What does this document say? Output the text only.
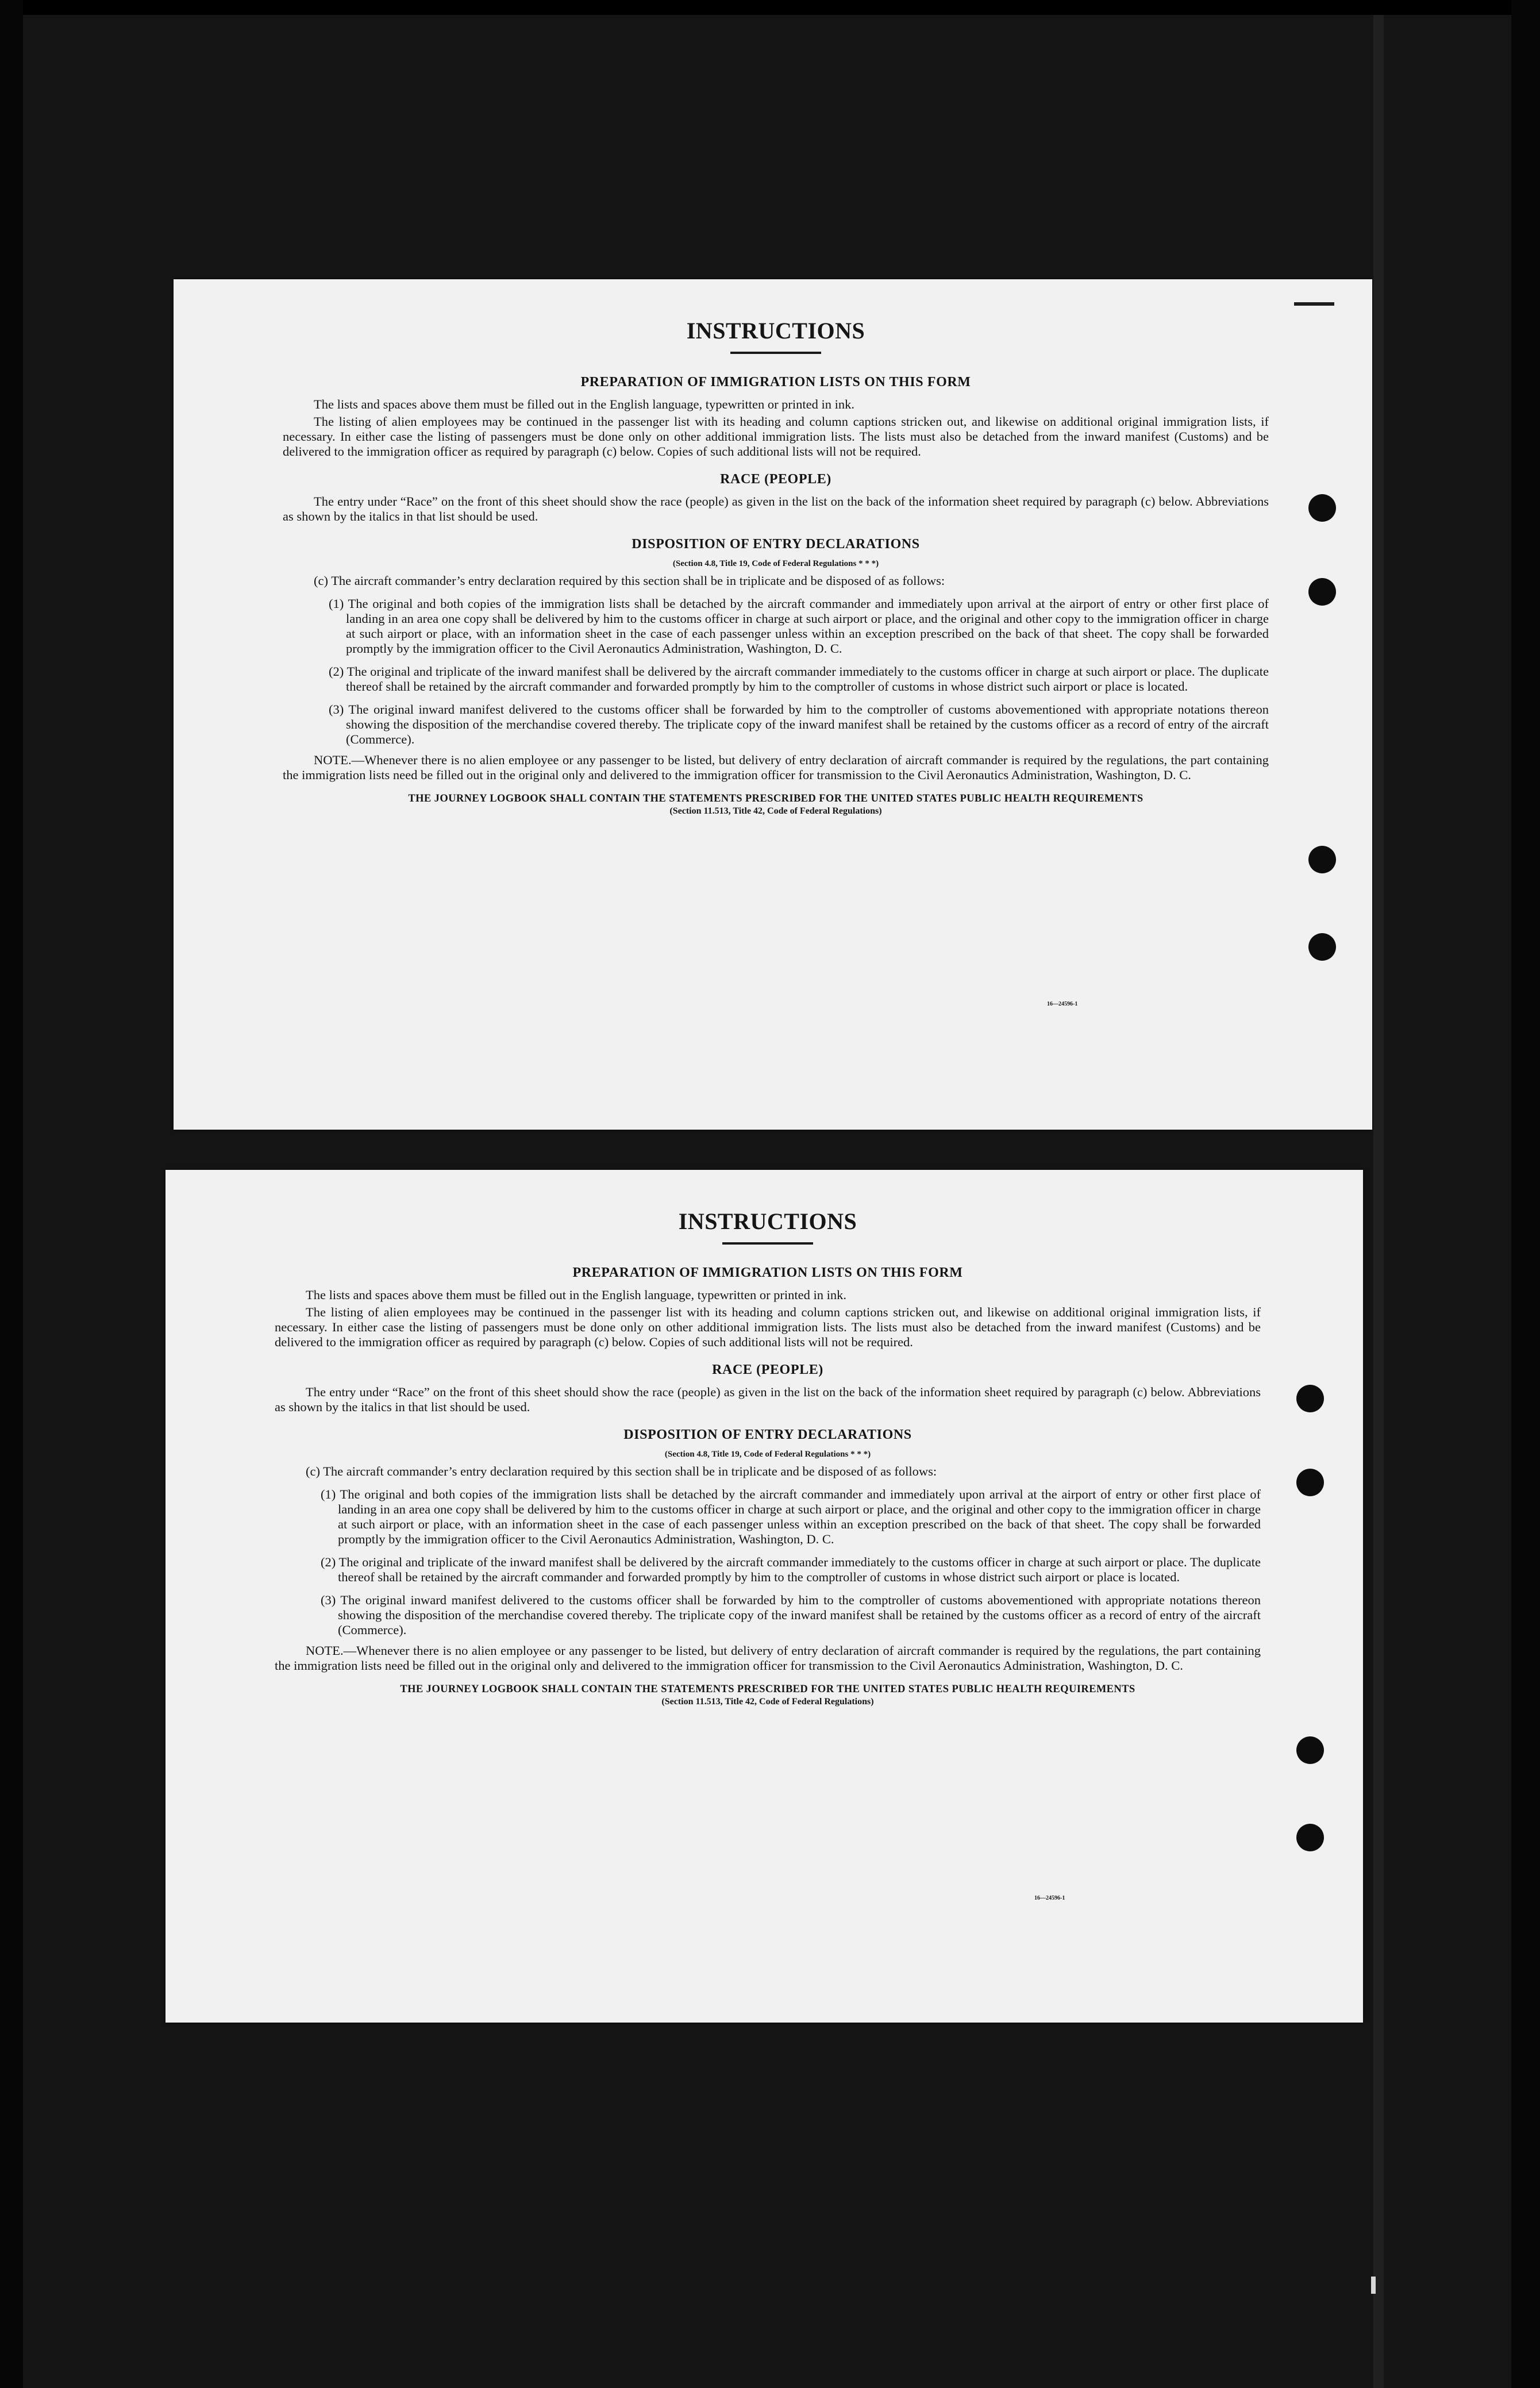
INSTRUCTIONS
PREPARATION OF IMMIGRATION LISTS ON THIS FORM

The lists and spaces above them must be filled out in the English language, typewritten or printed in ink.

The listing of alien employees may be continued in the passenger list with its heading and column captions stricken out, and likewise on additional original immigration lists, if necessary. In either case the listing of passengers must be done only on other additional immigration lists. The lists must also be detached from the inward manifest (Customs) and be delivered to the immigration officer as required by paragraph (c) below. Copies of such additional lists will not be required.

RACE (PEOPLE)

The entry under “Race” on the front of this sheet should show the race (people) as given in the list on the back of the information sheet required by paragraph (c) below. Abbreviations as shown by the italics in that list should be used.

DISPOSITION OF ENTRY DECLARATIONS
(Section 4.8, Title 19, Code of Federal Regulations * * *)

(c) The aircraft commander’s entry declaration required by this section shall be in triplicate and be disposed of as follows:

(1) The original and both copies of the immigration lists shall be detached by the aircraft commander and immediately upon arrival at the airport of entry or other first place of landing in an area one copy shall be delivered by him to the customs officer in charge at such airport or place, and the original and other copy to the immigration officer in charge at such airport or place, with an information sheet in the case of each passenger unless within an exception prescribed on the back of that sheet. The copy shall be forwarded promptly by the immigration officer to the Civil Aeronautics Administration, Washington, D. C.

(2) The original and triplicate of the inward manifest shall be delivered by the aircraft commander immediately to the customs officer in charge at such airport or place. The duplicate thereof shall be retained by the aircraft commander and forwarded promptly by him to the comptroller of customs in whose district such airport or place is located.

(3) The original inward manifest delivered to the customs officer shall be forwarded by him to the comptroller of customs abovementioned with appropriate notations thereon showing the disposition of the merchandise covered thereby. The triplicate copy of the inward manifest shall be retained by the customs officer as a record of entry of the aircraft (Commerce).

NOTE.—Whenever there is no alien employee or any passenger to be listed, but delivery of entry declaration of aircraft commander is required by the regulations, the part containing the immigration lists need be filled out in the original only and delivered to the immigration officer for transmission to the Civil Aeronautics Administration, Washington, D. C.

THE JOURNEY LOGBOOK SHALL CONTAIN THE STATEMENTS PRESCRIBED FOR THE UNITED STATES PUBLIC HEALTH REQUIREMENTS
(Section 11.513, Title 42, Code of Federal Regulations)
16—24596-1
INSTRUCTIONS
PREPARATION OF IMMIGRATION LISTS ON THIS FORM

The lists and spaces above them must be filled out in the English language, typewritten or printed in ink.

The listing of alien employees may be continued in the passenger list with its heading and column captions stricken out, and likewise on additional original immigration lists, if necessary. In either case the listing of passengers must be done only on other additional immigration lists. The lists must also be detached from the inward manifest (Customs) and be delivered to the immigration officer as required by paragraph (c) below. Copies of such additional lists will not be required.

RACE (PEOPLE)

The entry under “Race” on the front of this sheet should show the race (people) as given in the list on the back of the information sheet required by paragraph (c) below. Abbreviations as shown by the italics in that list should be used.

DISPOSITION OF ENTRY DECLARATIONS
(Section 4.8, Title 19, Code of Federal Regulations * * *)

(c) The aircraft commander’s entry declaration required by this section shall be in triplicate and be disposed of as follows:

(1) The original and both copies of the immigration lists shall be detached by the aircraft commander and immediately upon arrival at the airport of entry or other first place of landing in an area one copy shall be delivered by him to the customs officer in charge at such airport or place, and the original and other copy to the immigration officer in charge at such airport or place, with an information sheet in the case of each passenger unless within an exception prescribed on the back of that sheet. The copy shall be forwarded promptly by the immigration officer to the Civil Aeronautics Administration, Washington, D. C.

(2) The original and triplicate of the inward manifest shall be delivered by the aircraft commander immediately to the customs officer in charge at such airport or place. The duplicate thereof shall be retained by the aircraft commander and forwarded promptly by him to the comptroller of customs in whose district such airport or place is located.

(3) The original inward manifest delivered to the customs officer shall be forwarded by him to the comptroller of customs abovementioned with appropriate notations thereon showing the disposition of the merchandise covered thereby. The triplicate copy of the inward manifest shall be retained by the customs officer as a record of entry of the aircraft (Commerce).

NOTE.—Whenever there is no alien employee or any passenger to be listed, but delivery of entry declaration of aircraft commander is required by the regulations, the part containing the immigration lists need be filled out in the original only and delivered to the immigration officer for transmission to the Civil Aeronautics Administration, Washington, D. C.

THE JOURNEY LOGBOOK SHALL CONTAIN THE STATEMENTS PRESCRIBED FOR THE UNITED STATES PUBLIC HEALTH REQUIREMENTS
(Section 11.513, Title 42, Code of Federal Regulations)
16—24596-1
